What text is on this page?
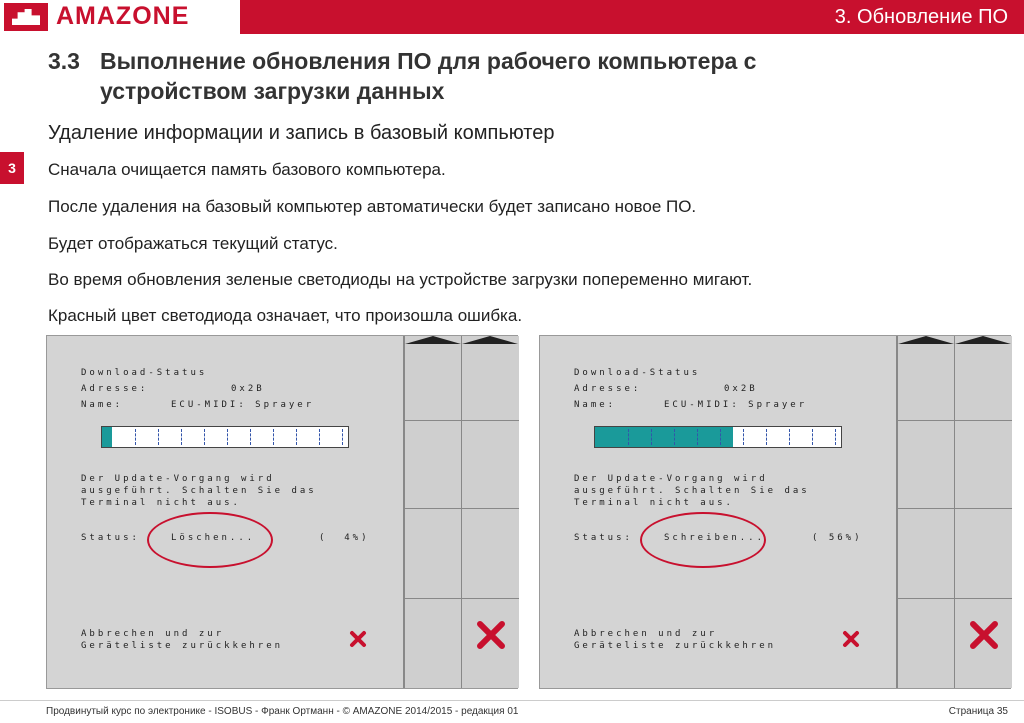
AMAZONE	3. Обновление ПО
3
3.3 Выполнение обновления ПО для рабочего компьютера с
устройством загрузки данных
Удаление информации и запись в базовый компьютер
Сначала очищается память базового компьютера.
После удаления на базовый компьютер автоматически будет записано новое ПО.
Будет отображаться текущий статус.
Во время обновления зеленые светодиоды на устройстве загрузки попеременно мигают.
Красный цвет светодиода означает, что произошла ошибка.
Download-Status
Adresse:	0x2B
Name:	ECU-MIDI: Sprayer
Der Update-Vorgang wird
ausgeführt. Schalten Sie das
Terminal nicht aus.
Status:	Löschen...	(  4%)
Abbrechen und zur
Geräteliste zurückkehren
Download-Status
Adresse:	0x2B
Name:	ECU-MIDI: Sprayer
Der Update-Vorgang wird
ausgeführt. Schalten Sie das
Terminal nicht aus.
Status:	Schreiben...	( 56%)
Abbrechen und zur
Geräteliste zurückkehren
Продвинутый курс по электронике - ISOBUS - Франк Ортманн - © AMAZONE 2014/2015 - редакция 01	Страница 35
